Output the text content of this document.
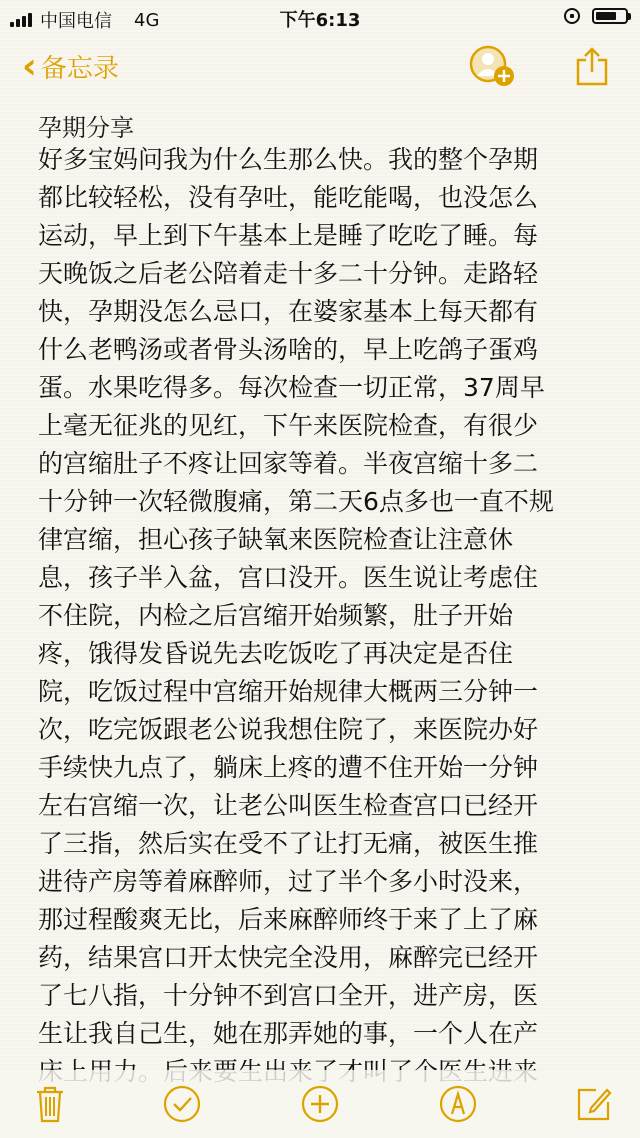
中国电信 4G	下午6:13
‹ 备忘录
孕期分享
好多宝妈问我为什么生那么快。我的整个孕期
都比较轻松，没有孕吐，能吃能喝，也没怎么
运动，早上到下午基本上是睡了吃吃了睡。每
天晚饭之后老公陪着走十多二十分钟。走路轻
快，孕期没怎么忌口，在婆家基本上每天都有
什么老鸭汤或者骨头汤啥的，早上吃鸽子蛋鸡
蛋。水果吃得多。每次检查一切正常，37周早
上毫无征兆的见红，下午来医院检查，有很少
的宫缩肚子不疼让回家等着。半夜宫缩十多二
十分钟一次轻微腹痛，第二天6点多也一直不规
律宫缩，担心孩子缺氧来医院检查让注意休
息，孩子半入盆，宫口没开。医生说让考虑住
不住院，内检之后宫缩开始频繁，肚子开始
疼，饿得发昏说先去吃饭吃了再决定是否住
院，吃饭过程中宫缩开始规律大概两三分钟一
次，吃完饭跟老公说我想住院了，来医院办好
手续快九点了，躺床上疼的遭不住开始一分钟
左右宫缩一次，让老公叫医生检查宫口已经开
了三指，然后实在受不了让打无痛，被医生推
进待产房等着麻醉师，过了半个多小时没来，
那过程酸爽无比，后来麻醉师终于来了上了麻
药，结果宫口开太快完全没用，麻醉完已经开
了七八指，十分钟不到宫口全开，进产房，医
生让我自己生，她在那弄她的事，一个人在产
